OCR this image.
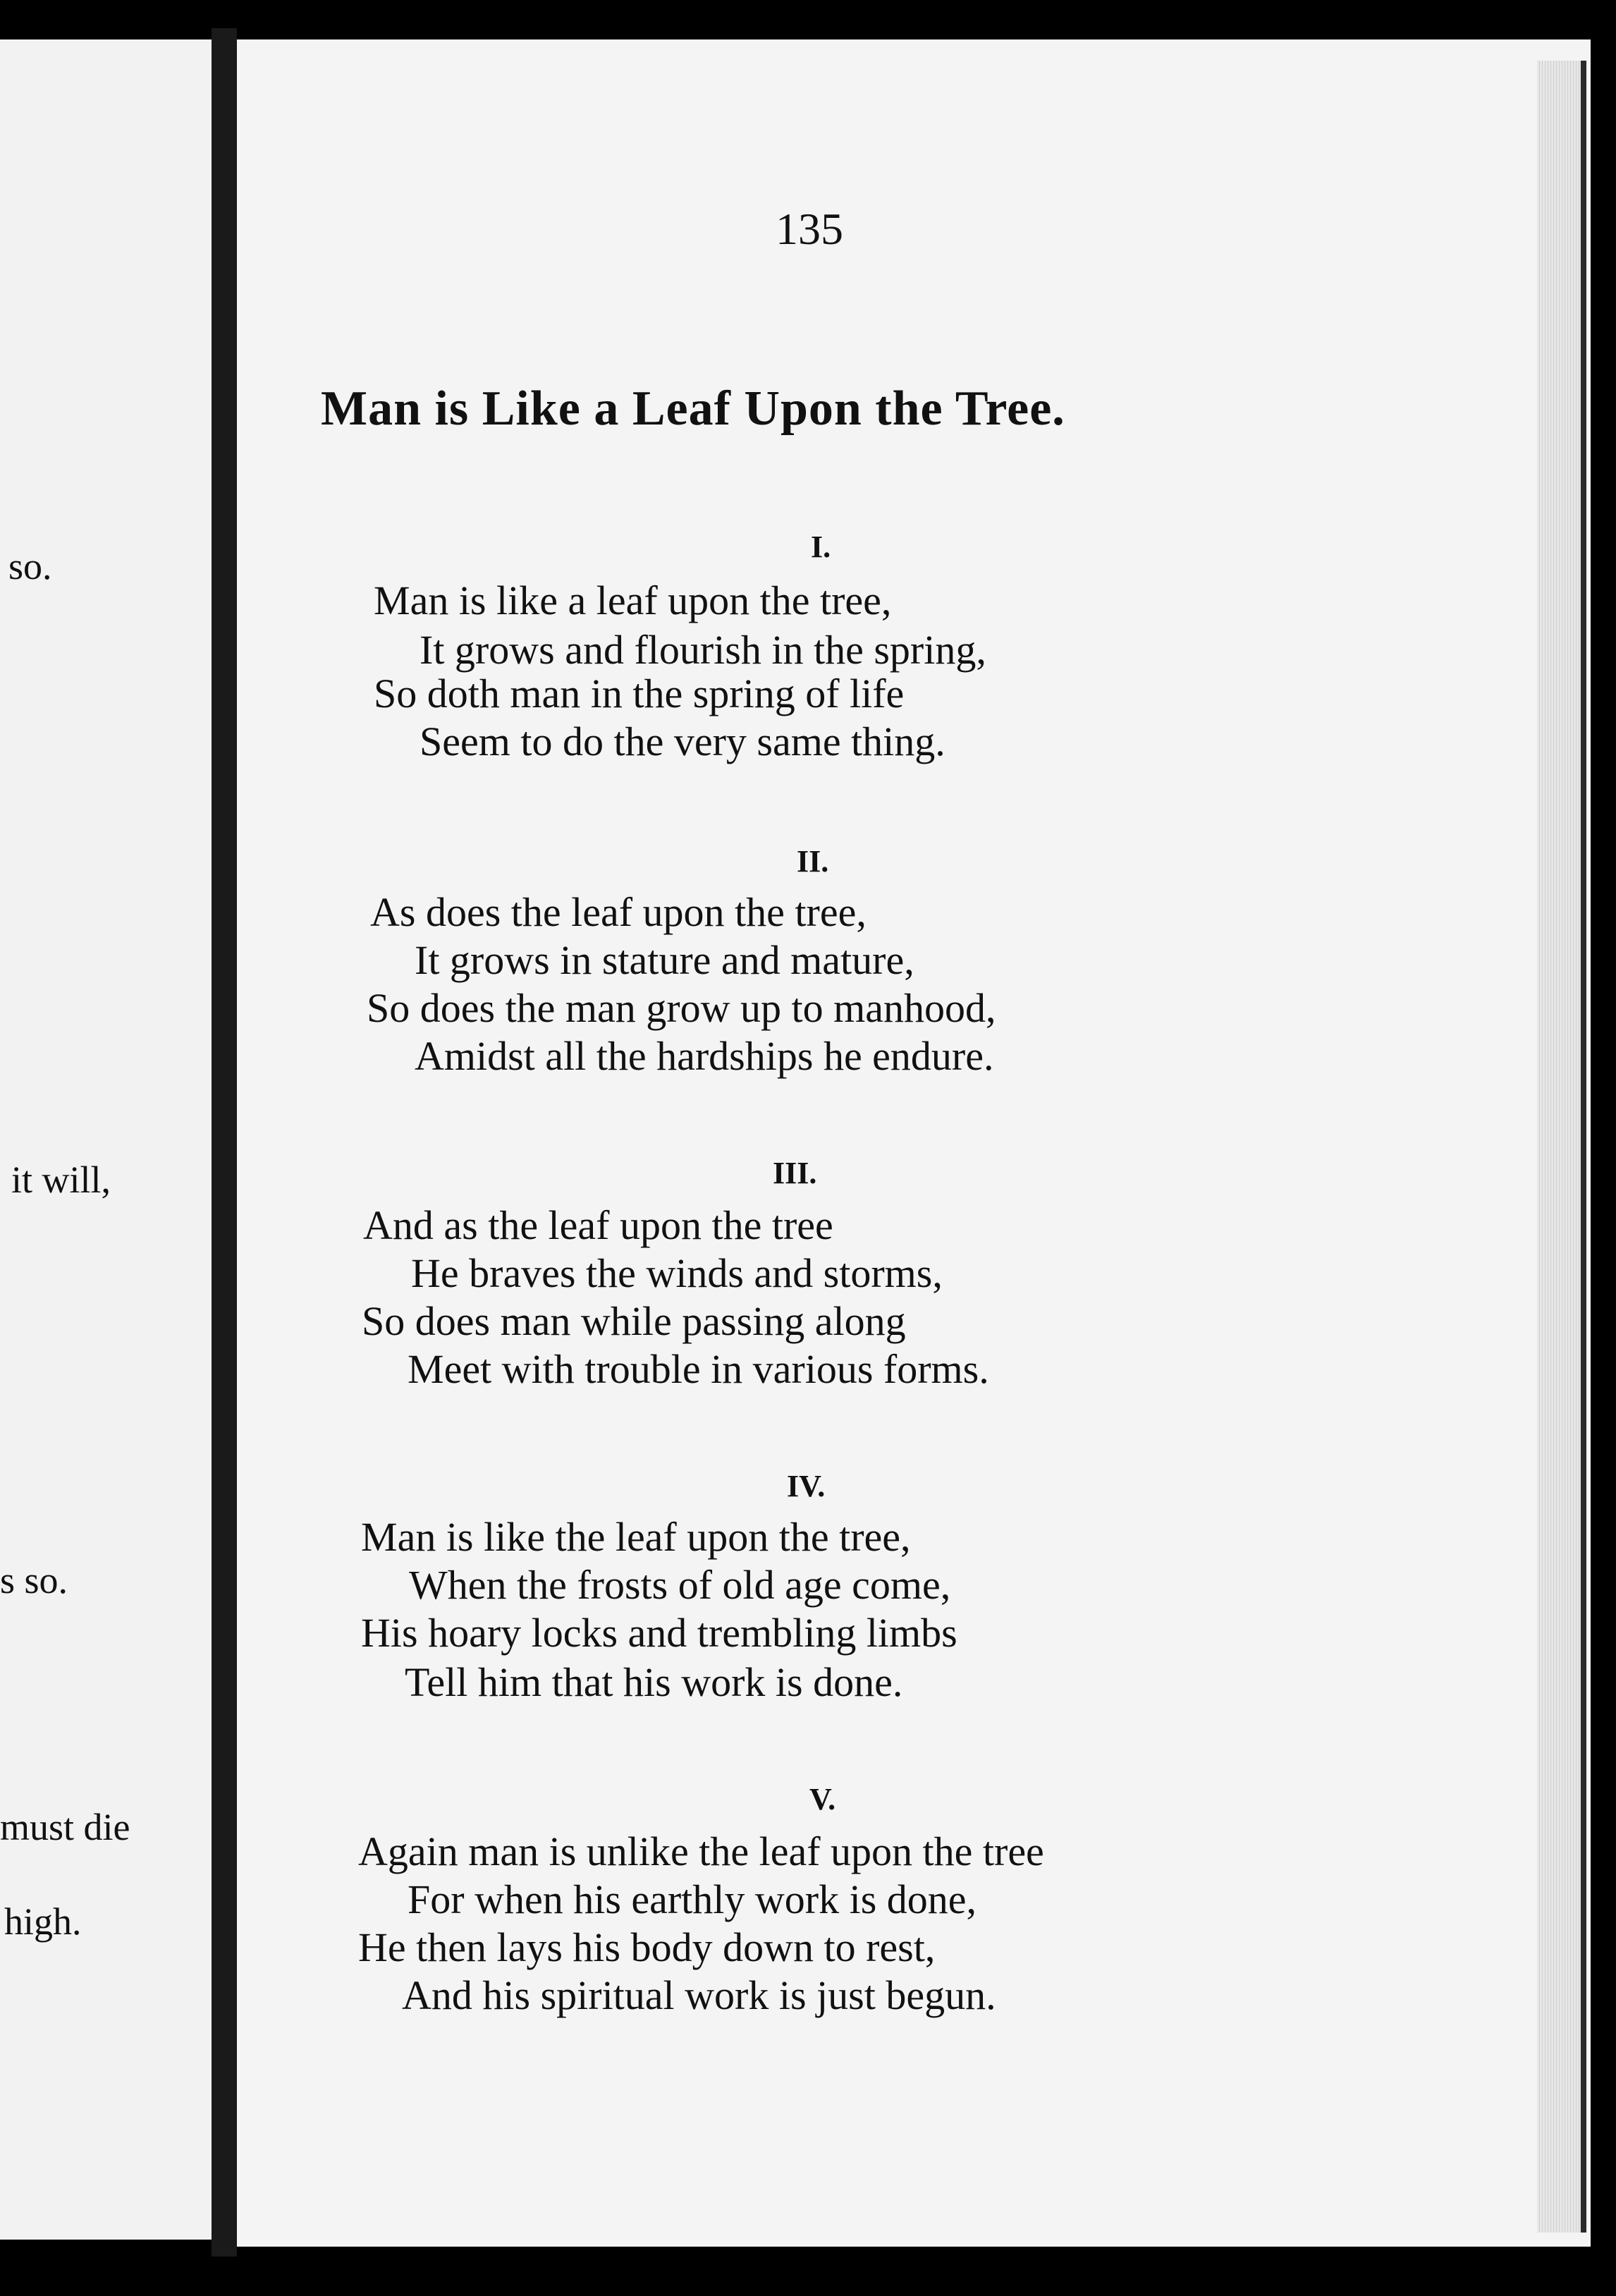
so.
it will,
s so.
must die
high.
135
Man is Like a Leaf Upon the Tree.
I.
Man is like a leaf upon the tree,
It grows and flourish in the spring,
So doth man in the spring of life
Seem to do the very same thing.
II.
As does the leaf upon the tree,
It grows in stature and mature,
So does the man grow up to manhood,
Amidst all the hardships he endure.
III.
And as the leaf upon the tree
He braves the winds and storms,
So does man while passing along
Meet with trouble in various forms.
IV.
Man is like the leaf upon the tree,
When the frosts of old age come,
His hoary locks and trembling limbs
Tell him that his work is done.
V.
Again man is unlike the leaf upon the tree
For when his earthly work is done,
He then lays his body down to rest,
And his spiritual work is just begun.
